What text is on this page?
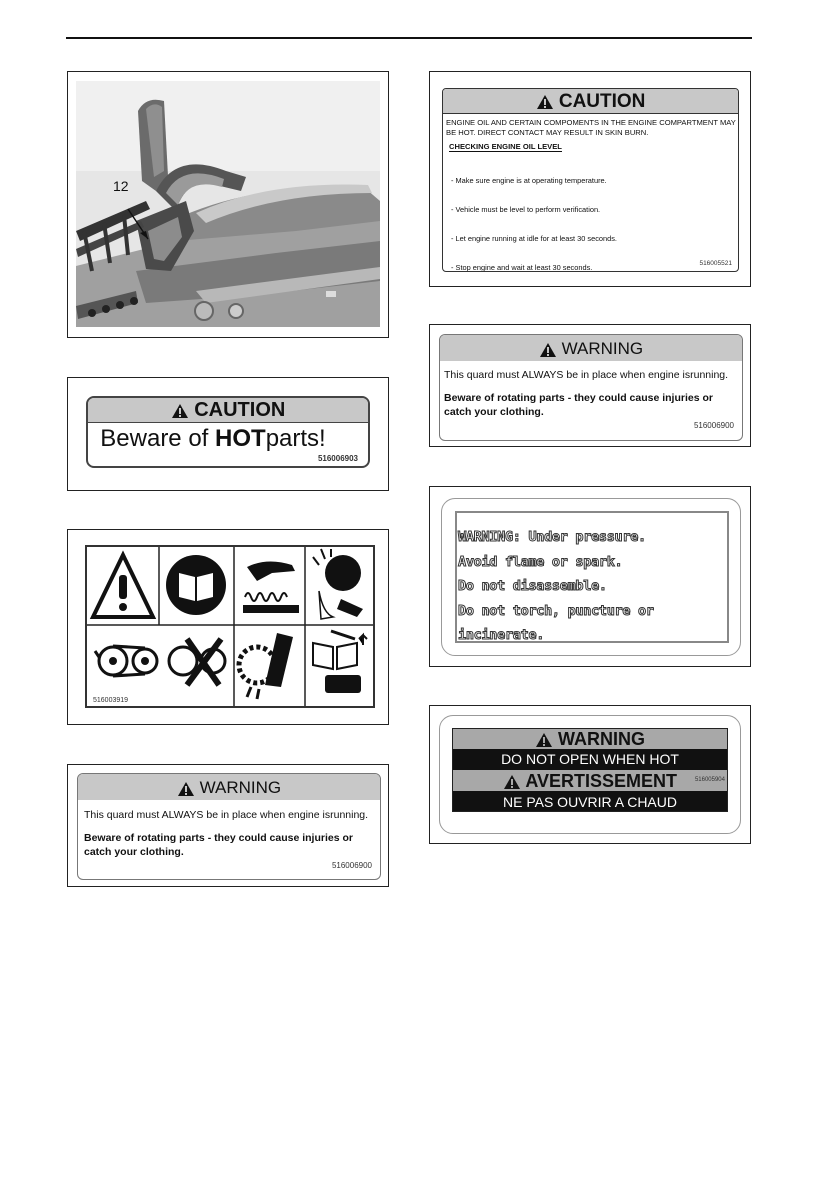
12
CAUTION
Beware of HOTparts!
516006903
516003919
WARNING
This quard must ALWAYS be in place when engine isrunning.
Beware of rotating parts - they could cause injuries or catch your clothing.
516006900
CAUTION
ENGINE OIL AND CERTAIN COMPOMENTS IN THE ENGINE COMPARTMENT MAY BE HOT. DIRECT CONTACT MAY RESULT IN SKIN BURN.
CHECKING ENGINE OIL LEVEL

- Make sure engine is at operating temperature.

- Vehicle must be level to perform verification.

- Let engine running at idle for at least 30 seconds.

- Stop engine and wait at least 30 seconds.

	516005521
WARNING
This quard must ALWAYS be in place when engine isrunning.
Beware of rotating parts - they could cause injuries or catch your clothing.
516006900
WARNING: Under pressure.
Avoid flame or spark.
Do not disassemble.
Do not torch, puncture or
incinerate.
WARNING
DO NOT OPEN WHEN HOT
AVERTISSEMENT	516005904
NE PAS OUVRIR A CHAUD
